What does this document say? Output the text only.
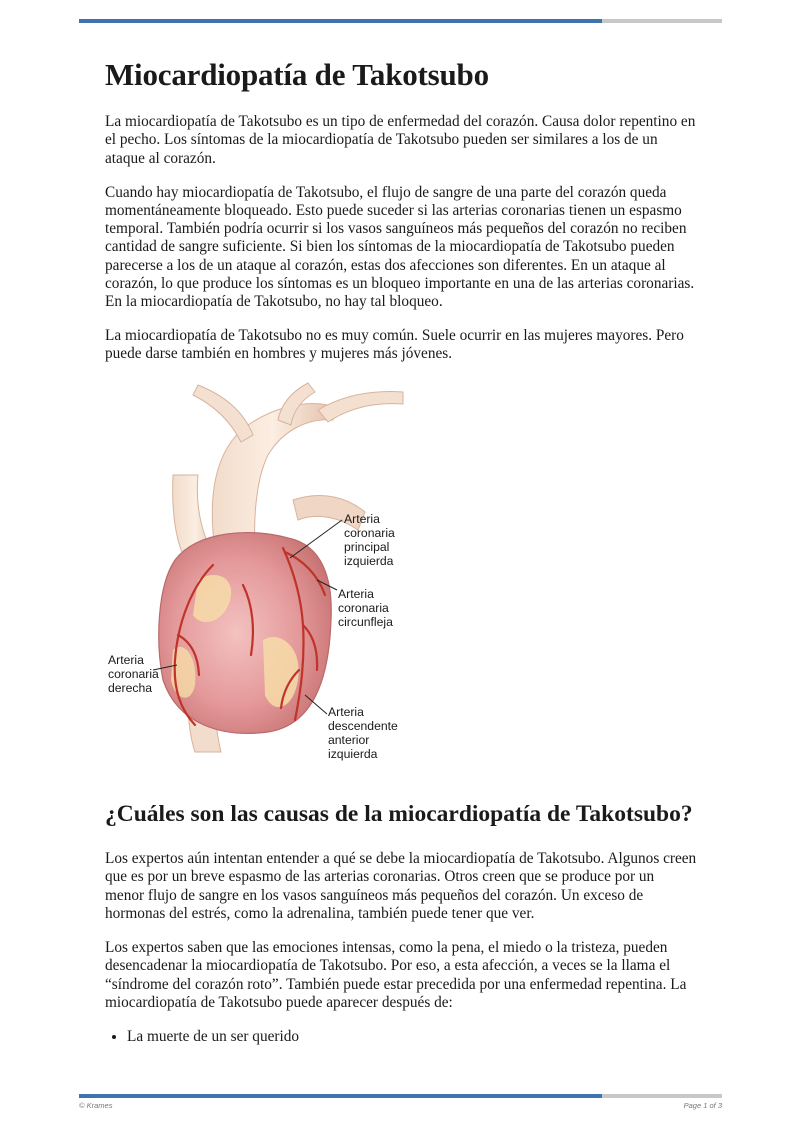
Miocardiopatía de Takotsubo

La miocardiopatía de Takotsubo es un tipo de enfermedad del corazón. Causa dolor repentino en el pecho. Los síntomas de la miocardiopatía de Takotsubo pueden ser similares a los de un ataque al corazón.

Cuando hay miocardiopatía de Takotsubo, el flujo de sangre de una parte del corazón queda momentáneamente bloqueado. Esto puede suceder si las arterias coronarias tienen un espasmo temporal. También podría ocurrir si los vasos sanguíneos más pequeños del corazón no reciben cantidad de sangre suficiente. Si bien los síntomas de la miocardiopatía de Takotsubo pueden parecerse a los de un ataque al corazón, estas dos afecciones son diferentes. En un ataque al corazón, lo que produce los síntomas es un bloqueo importante en una de las arterias coronarias. En la miocardiopatía de Takotsubo, no hay tal bloqueo.

La miocardiopatía de Takotsubo no es muy común. Suele ocurrir en las mujeres mayores. Pero puede darse también en hombres y mujeres más jóvenes.

Arteria
coronaria
principal
izquierda
Arteria
coronaria
circunfleja
Arteria
coronaria
derecha
Arteria
descendente
anterior
izquierda
¿Cuáles son las causas de la miocardiopatía de Takotsubo?

Los expertos aún intentan entender a qué se debe la miocardiopatía de Takotsubo. Algunos creen que es por un breve espasmo de las arterias coronarias. Otros creen que se produce por un menor flujo de sangre en los vasos sanguíneos más pequeños del corazón. Un exceso de hormonas del estrés, como la adrenalina, también puede tener que ver.

Los expertos saben que las emociones intensas, como la pena, el miedo o la tristeza, pueden desencadenar la miocardiopatía de Takotsubo. Por eso, a esta afección, a veces se la llama el “síndrome del corazón roto”. También puede estar precedida por una enfermedad repentina. La miocardiopatía de Takotsubo puede aparecer después de:

• La muerte de un ser querido
© Krames	Page 1 of 3
